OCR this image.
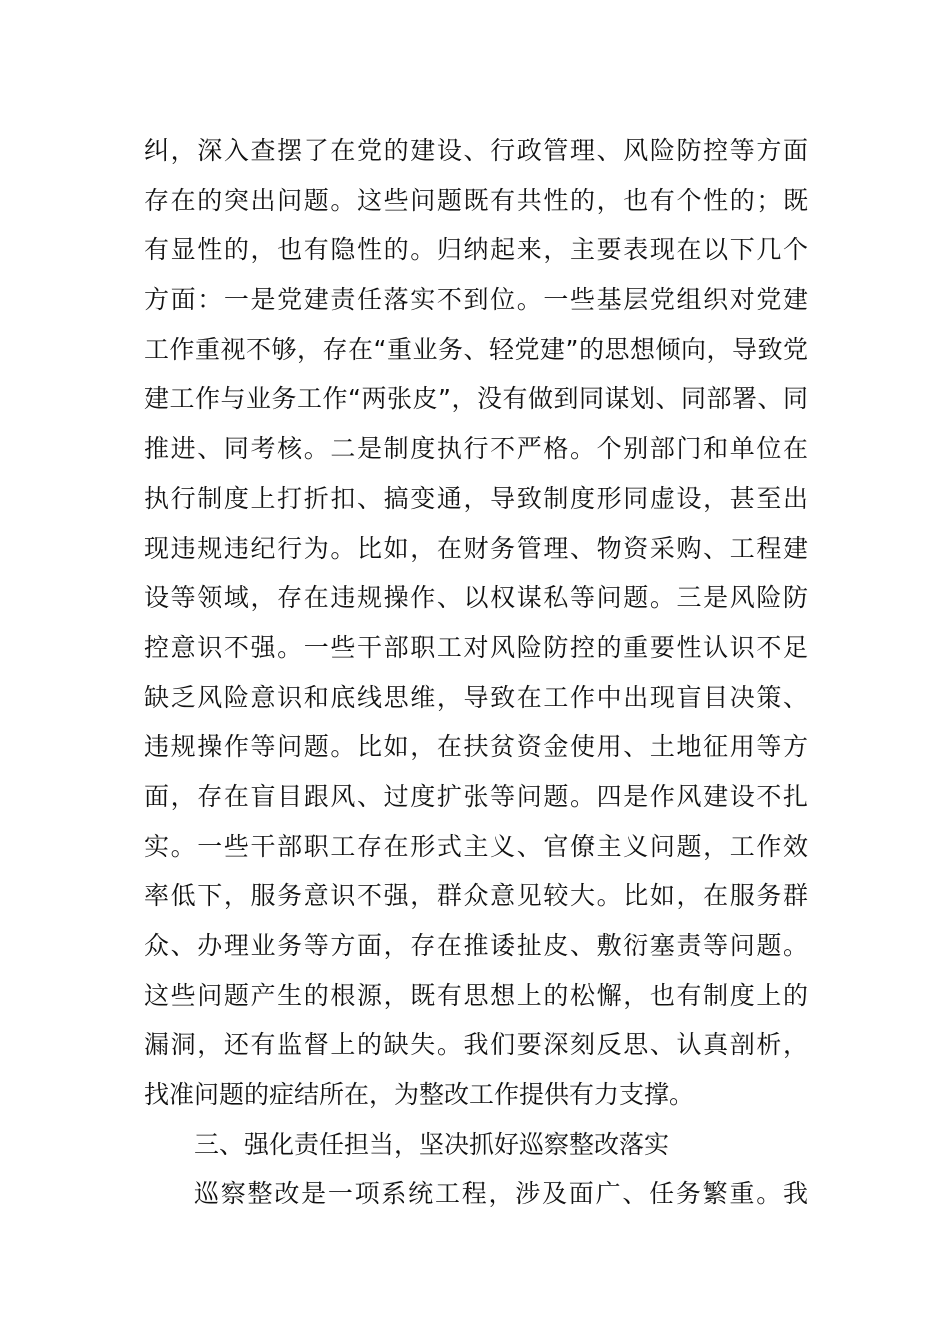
纠，深入查摆了在党的建设、行政管理、风险防控等方面
存在的突出问题。这些问题既有共性的，也有个性的；既
有显性的，也有隐性的。归纳起来，主要表现在以下几个
方面：一是党建责任落实不到位。一些基层党组织对党建
工作重视不够，存在“重业务、轻党建”的思想倾向，导致党
建工作与业务工作“两张皮”，没有做到同谋划、同部署、同
推进、同考核。二是制度执行不严格。个别部门和单位在
执行制度上打折扣、搞变通，导致制度形同虚设，甚至出
现违规违纪行为。比如，在财务管理、物资采购、工程建
设等领域，存在违规操作、以权谋私等问题。三是风险防
控意识不强。一些干部职工对风险防控的重要性认识不足
缺乏风险意识和底线思维，导致在工作中出现盲目决策、
违规操作等问题。比如，在扶贫资金使用、土地征用等方
面，存在盲目跟风、过度扩张等问题。四是作风建设不扎
实。一些干部职工存在形式主义、官僚主义问题，工作效
率低下，服务意识不强，群众意见较大。比如，在服务群
众、办理业务等方面，存在推诿扯皮、敷衍塞责等问题。
这些问题产生的根源，既有思想上的松懈，也有制度上的
漏洞，还有监督上的缺失。我们要深刻反思、认真剖析，
找准问题的症结所在，为整改工作提供有力支撑。
三、强化责任担当，坚决抓好巡察整改落实
巡察整改是一项系统工程，涉及面广、任务繁重。我
